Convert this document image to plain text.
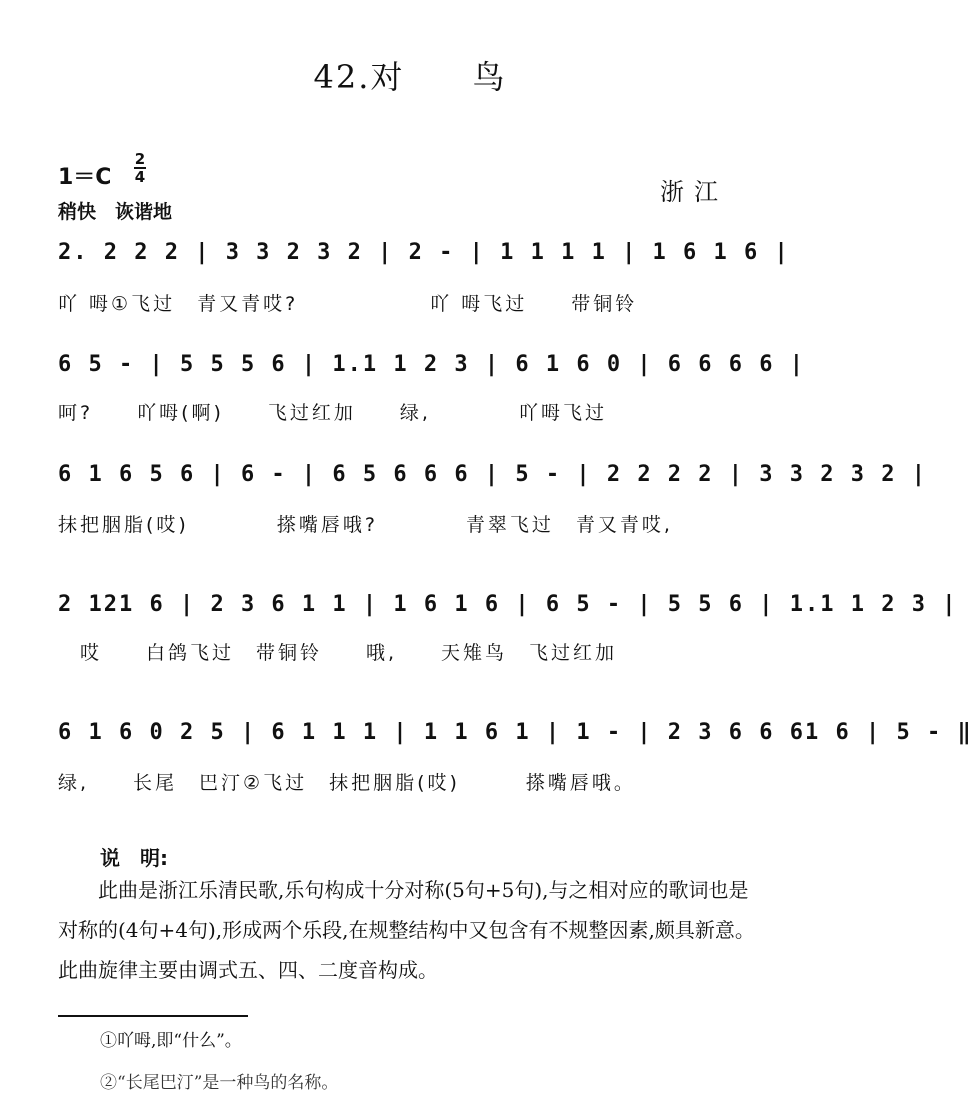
42.对　　鸟
1＝C
2
4
浙江
稍快　诙谐地
2. 2 2 2 | 3 3 2 3 2 | 2 - | 1 1 1 1 | 1 6 1 6 |
吖 呣①飞过　青又青哎?　　　　　　吖 呣飞过　　带铜铃
6 5 - | 5 5 5 6 | 1.1 1 2 3 | 6 1 6 0 | 6 6 6 6 |
呵?　　吖呣(啊)　　飞过红加　　绿,　　　　吖呣飞过
6 1 6 5 6 | 6 - | 6 5 6 6 6 | 5 - | 2 2 2 2 | 3 3 2 3 2 |
抹把胭脂(哎)　　　　搽嘴唇哦?　　　　青翠飞过　青又青哎,
2 121 6 | 2 3 6 1 1 | 1 6 1 6 | 6 5 - | 5 5 6 | 1.1 1 2 3 |
　哎　　白鸽飞过　带铜铃　　哦,　　天雉鸟　飞过红加
6 1 6 0 2 5 | 6 1 1 1 | 1 1 6 1 | 1 - | 2 3 6 6 61 6 | 5 - ‖
绿,　　长尾　巴汀②飞过　抹把胭脂(哎)　　　搽嘴唇哦。
说　明:
此曲是浙江乐清民歌,乐句构成十分对称(5句+5句),与之相对应的歌词也是对称的(4句+4句),形成两个乐段,在规整结构中又包含有不规整因素,颇具新意。此曲旋律主要由调式五、四、二度音构成。
①吖呣,即“什么”。
②“长尾巴汀”是一种鸟的名称。
